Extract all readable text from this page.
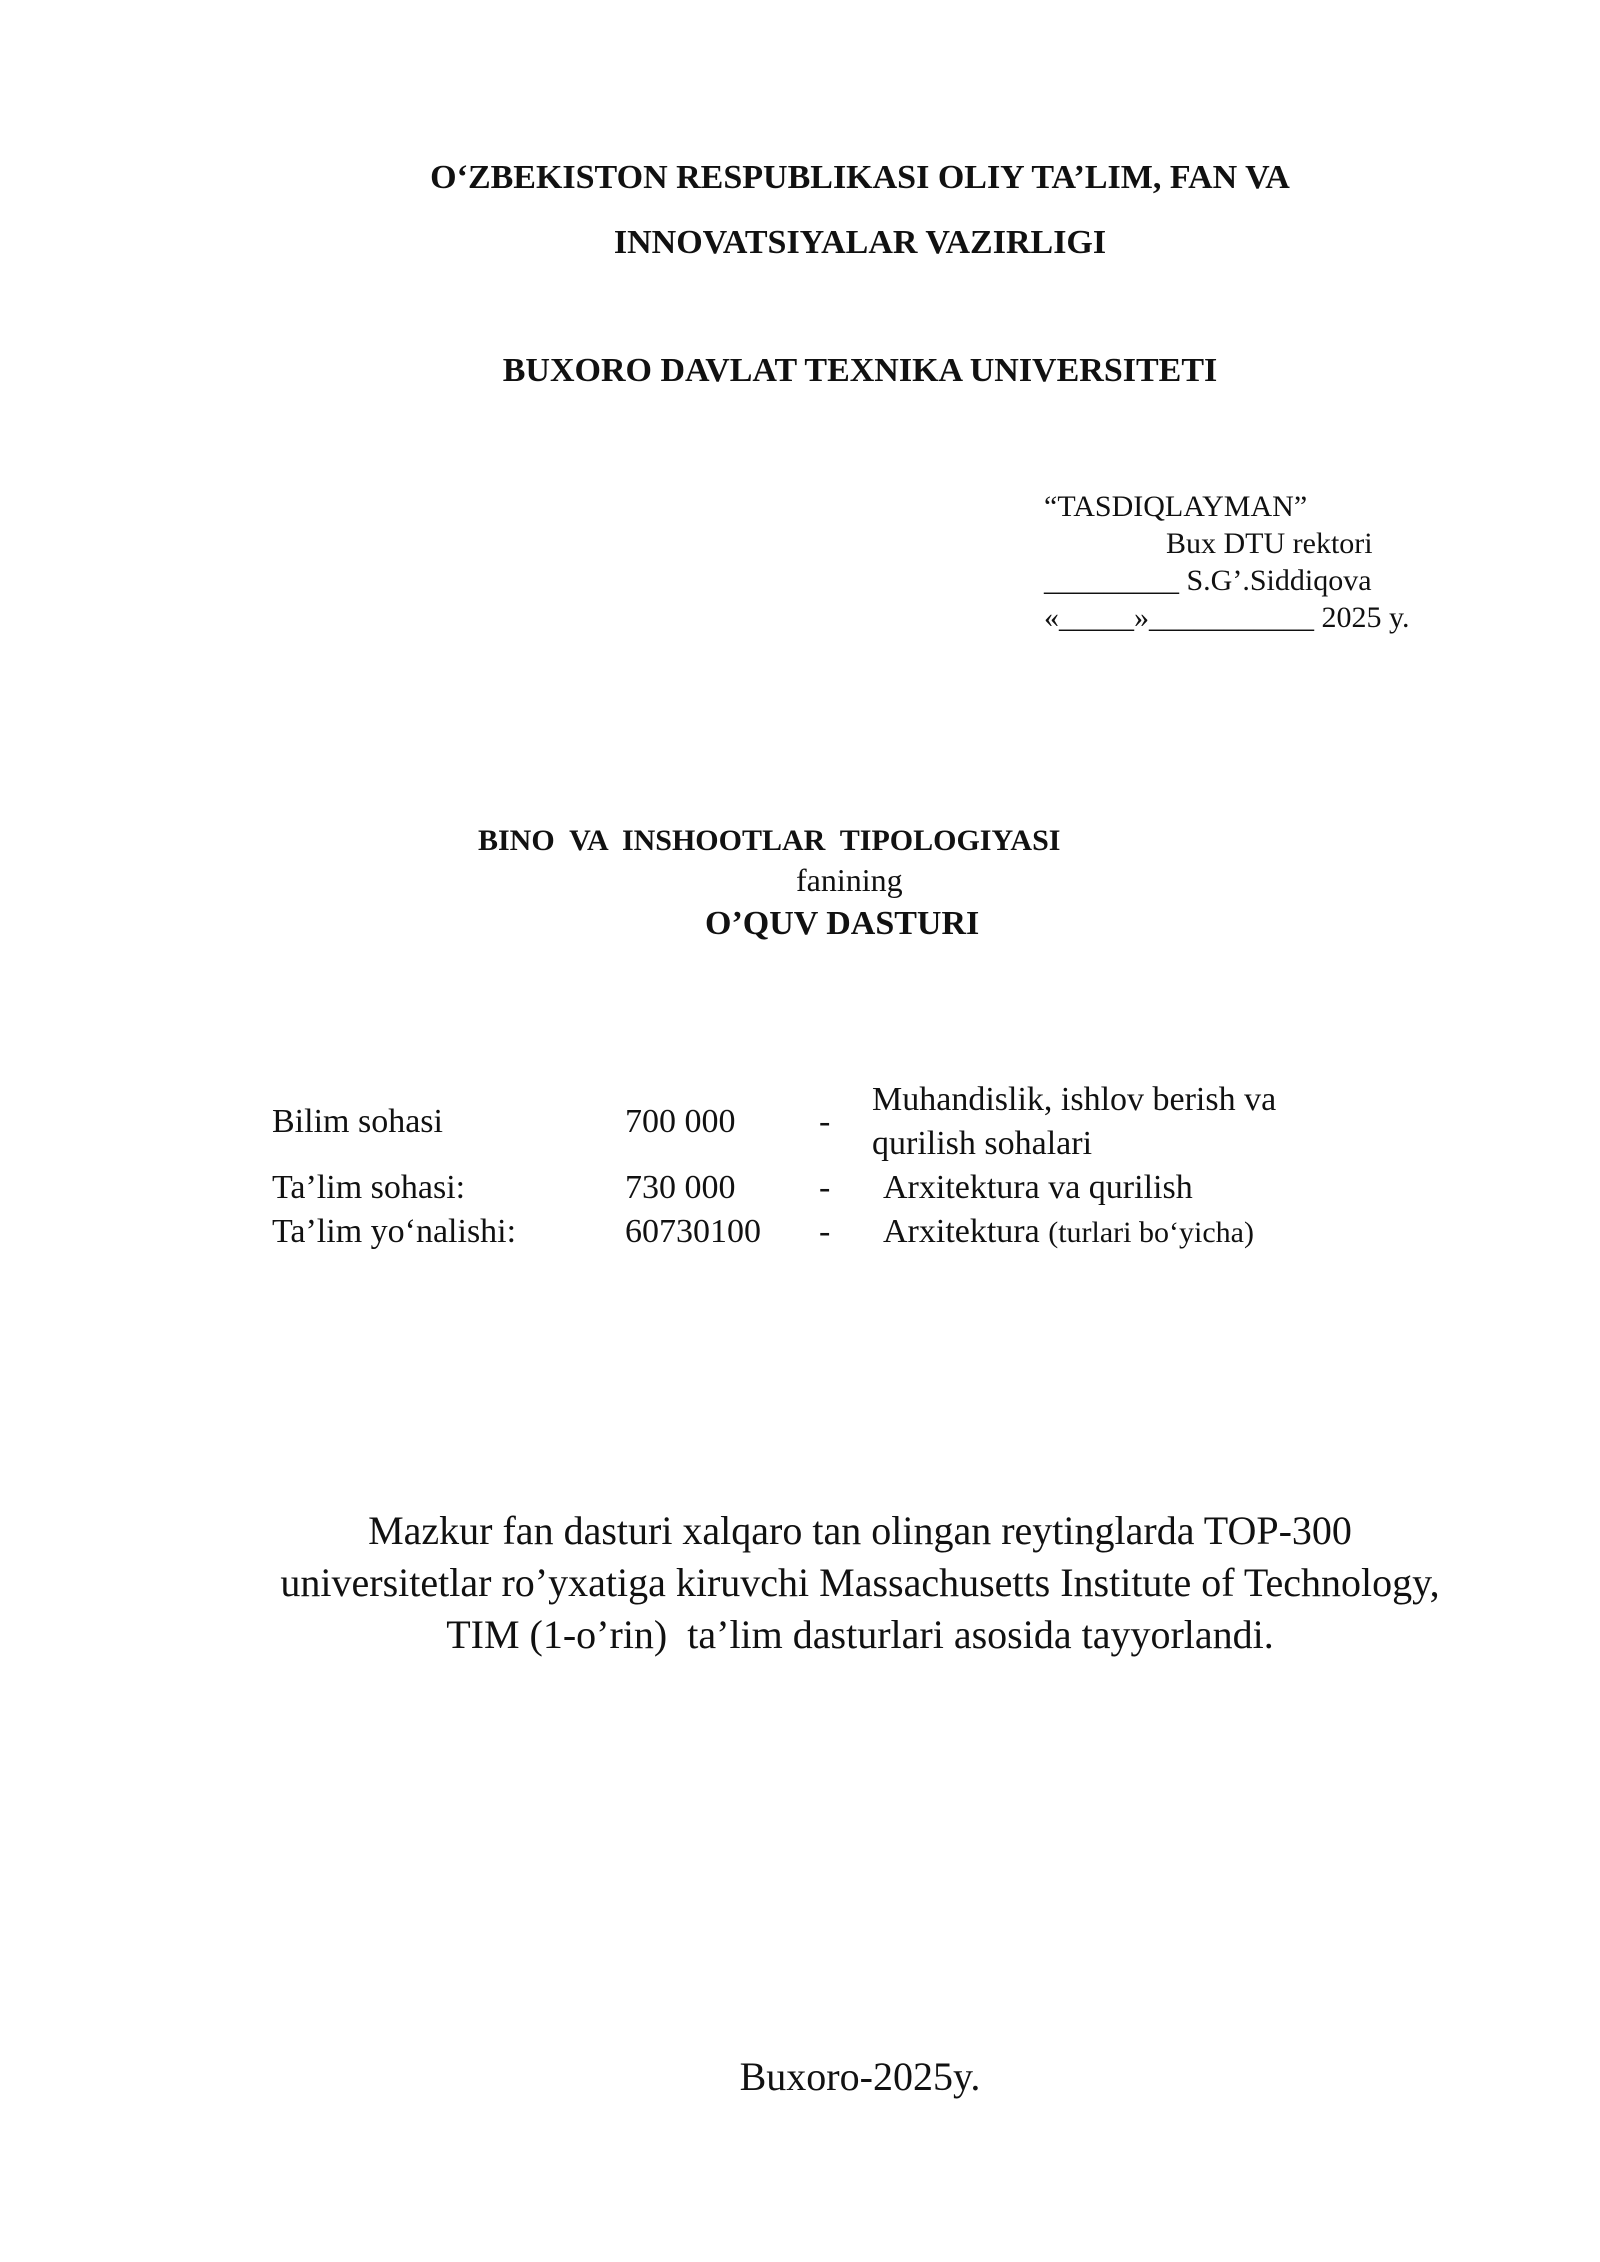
O‘ZBEKISTON RESPUBLIKASI OLIY TA’LIM, FAN VA
INNOVATSIYALAR VAZIRLIGI
BUXORO DAVLAT TEXNIKA UNIVERSITETI
“TASDIQLAYMAN”
Bux DTU rektori
_________ S.G’.Siddiqova
«_____»___________ 2025 y.
BINO  VA  INSHOOTLAR  TIPOLOGIYASI
fanining
O’QUV DASTURI
Bilim sohasi	700 000 -
Muhandislik, ishlov berish va
qurilish sohalari
Ta’lim sohasi:	730 000 - Arxitektura va qurilish
Ta’lim yo‘nalishi:	60730100 - Arxitektura (turlari bo‘yicha)
Mazkur fan dasturi xalqaro tan olingan reytinglarda TOP-300
universitetlar ro’yxatiga kiruvchi Massachusetts Institute of Technology,
TIM (1-o’rin)  ta’lim dasturlari asosida tayyorlandi.
Buxoro-2025y.
